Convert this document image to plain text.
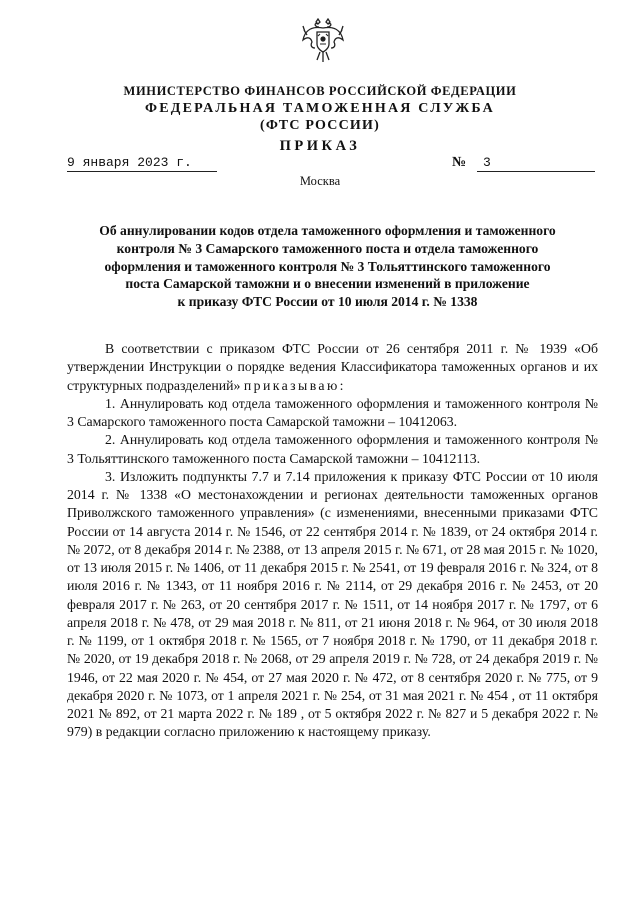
МИНИСТЕРСТВО ФИНАНСОВ РОССИЙСКОЙ ФЕДЕРАЦИИ
ФЕДЕРАЛЬНАЯ ТАМОЖЕННАЯ СЛУЖБА
(ФТС РОССИИ)
ПРИКАЗ
9 января 2023 г.	№	3
Москва
Об аннулировании кодов отдела таможенного оформления и таможенного
контроля № 3 Самарского таможенного поста и отдела таможенного
оформления и таможенного контроля № 3 Тольяттинского таможенного
поста Самарской таможни и о внесении изменений в приложение
к приказу ФТС России от 10 июля 2014 г. № 1338

В соответствии с приказом ФТС России от 26 сентября 2011 г. № 1939 «Об утверждении Инструкции о порядке ведения Классификатора таможенных органов и их структурных подразделений» приказываю:

1. Аннулировать код отдела таможенного оформления и таможенного контроля № 3 Самарского таможенного поста Самарской таможни – 10412063.

2. Аннулировать код отдела таможенного оформления и таможенного контроля № 3 Тольяттинского таможенного поста Самарской таможни – 10412113.

3. Изложить подпункты 7.7 и 7.14 приложения к приказу ФТС России от 10 июля 2014 г. № 1338 «О местонахождении и регионах деятельности таможенных органов Приволжского таможенного управления» (с изменениями, внесенными приказами ФТС России от 14 августа 2014 г. № 1546, от 22 сентября 2014 г. № 1839, от 24 октября 2014 г. № 2072, от 8 декабря 2014 г. № 2388, от 13 апреля 2015 г. № 671, от 28 мая 2015 г. № 1020, от 13 июля 2015 г. № 1406, от 11 декабря 2015 г. № 2541, от 19 февраля 2016 г. № 324, от 8 июля 2016 г. № 1343, от 11 ноября 2016 г. № 2114, от 29 декабря 2016 г. № 2453, от 20 февраля 2017 г. № 263, от 20 сентября 2017 г. № 1511, от 14 ноября 2017 г. № 1797, от 6 апреля 2018 г. № 478, от 29 мая 2018 г. № 811, от 21 июня 2018 г. № 964, от 30 июля 2018 г. № 1199, от 1 октября 2018 г. № 1565, от 7 ноября 2018 г. № 1790, от 11 декабря 2018 г. № 2020, от 19 декабря 2018 г. № 2068, от 29 апреля 2019 г. № 728, от 24 декабря 2019 г. № 1946, от 22 мая 2020 г. № 454, от 27 мая 2020 г. № 472, от 8 сентября 2020 г. № 775, от 9 декабря 2020 г. № 1073, от 1 апреля 2021 г. № 254, от 31 мая 2021 г. № 454 , от 11 октября 2021 № 892, от 21 марта 2022 г. № 189 , от 5 октября 2022 г. № 827 и 5 декабря 2022 г. № 979) в редакции согласно приложению к настоящему приказу.
